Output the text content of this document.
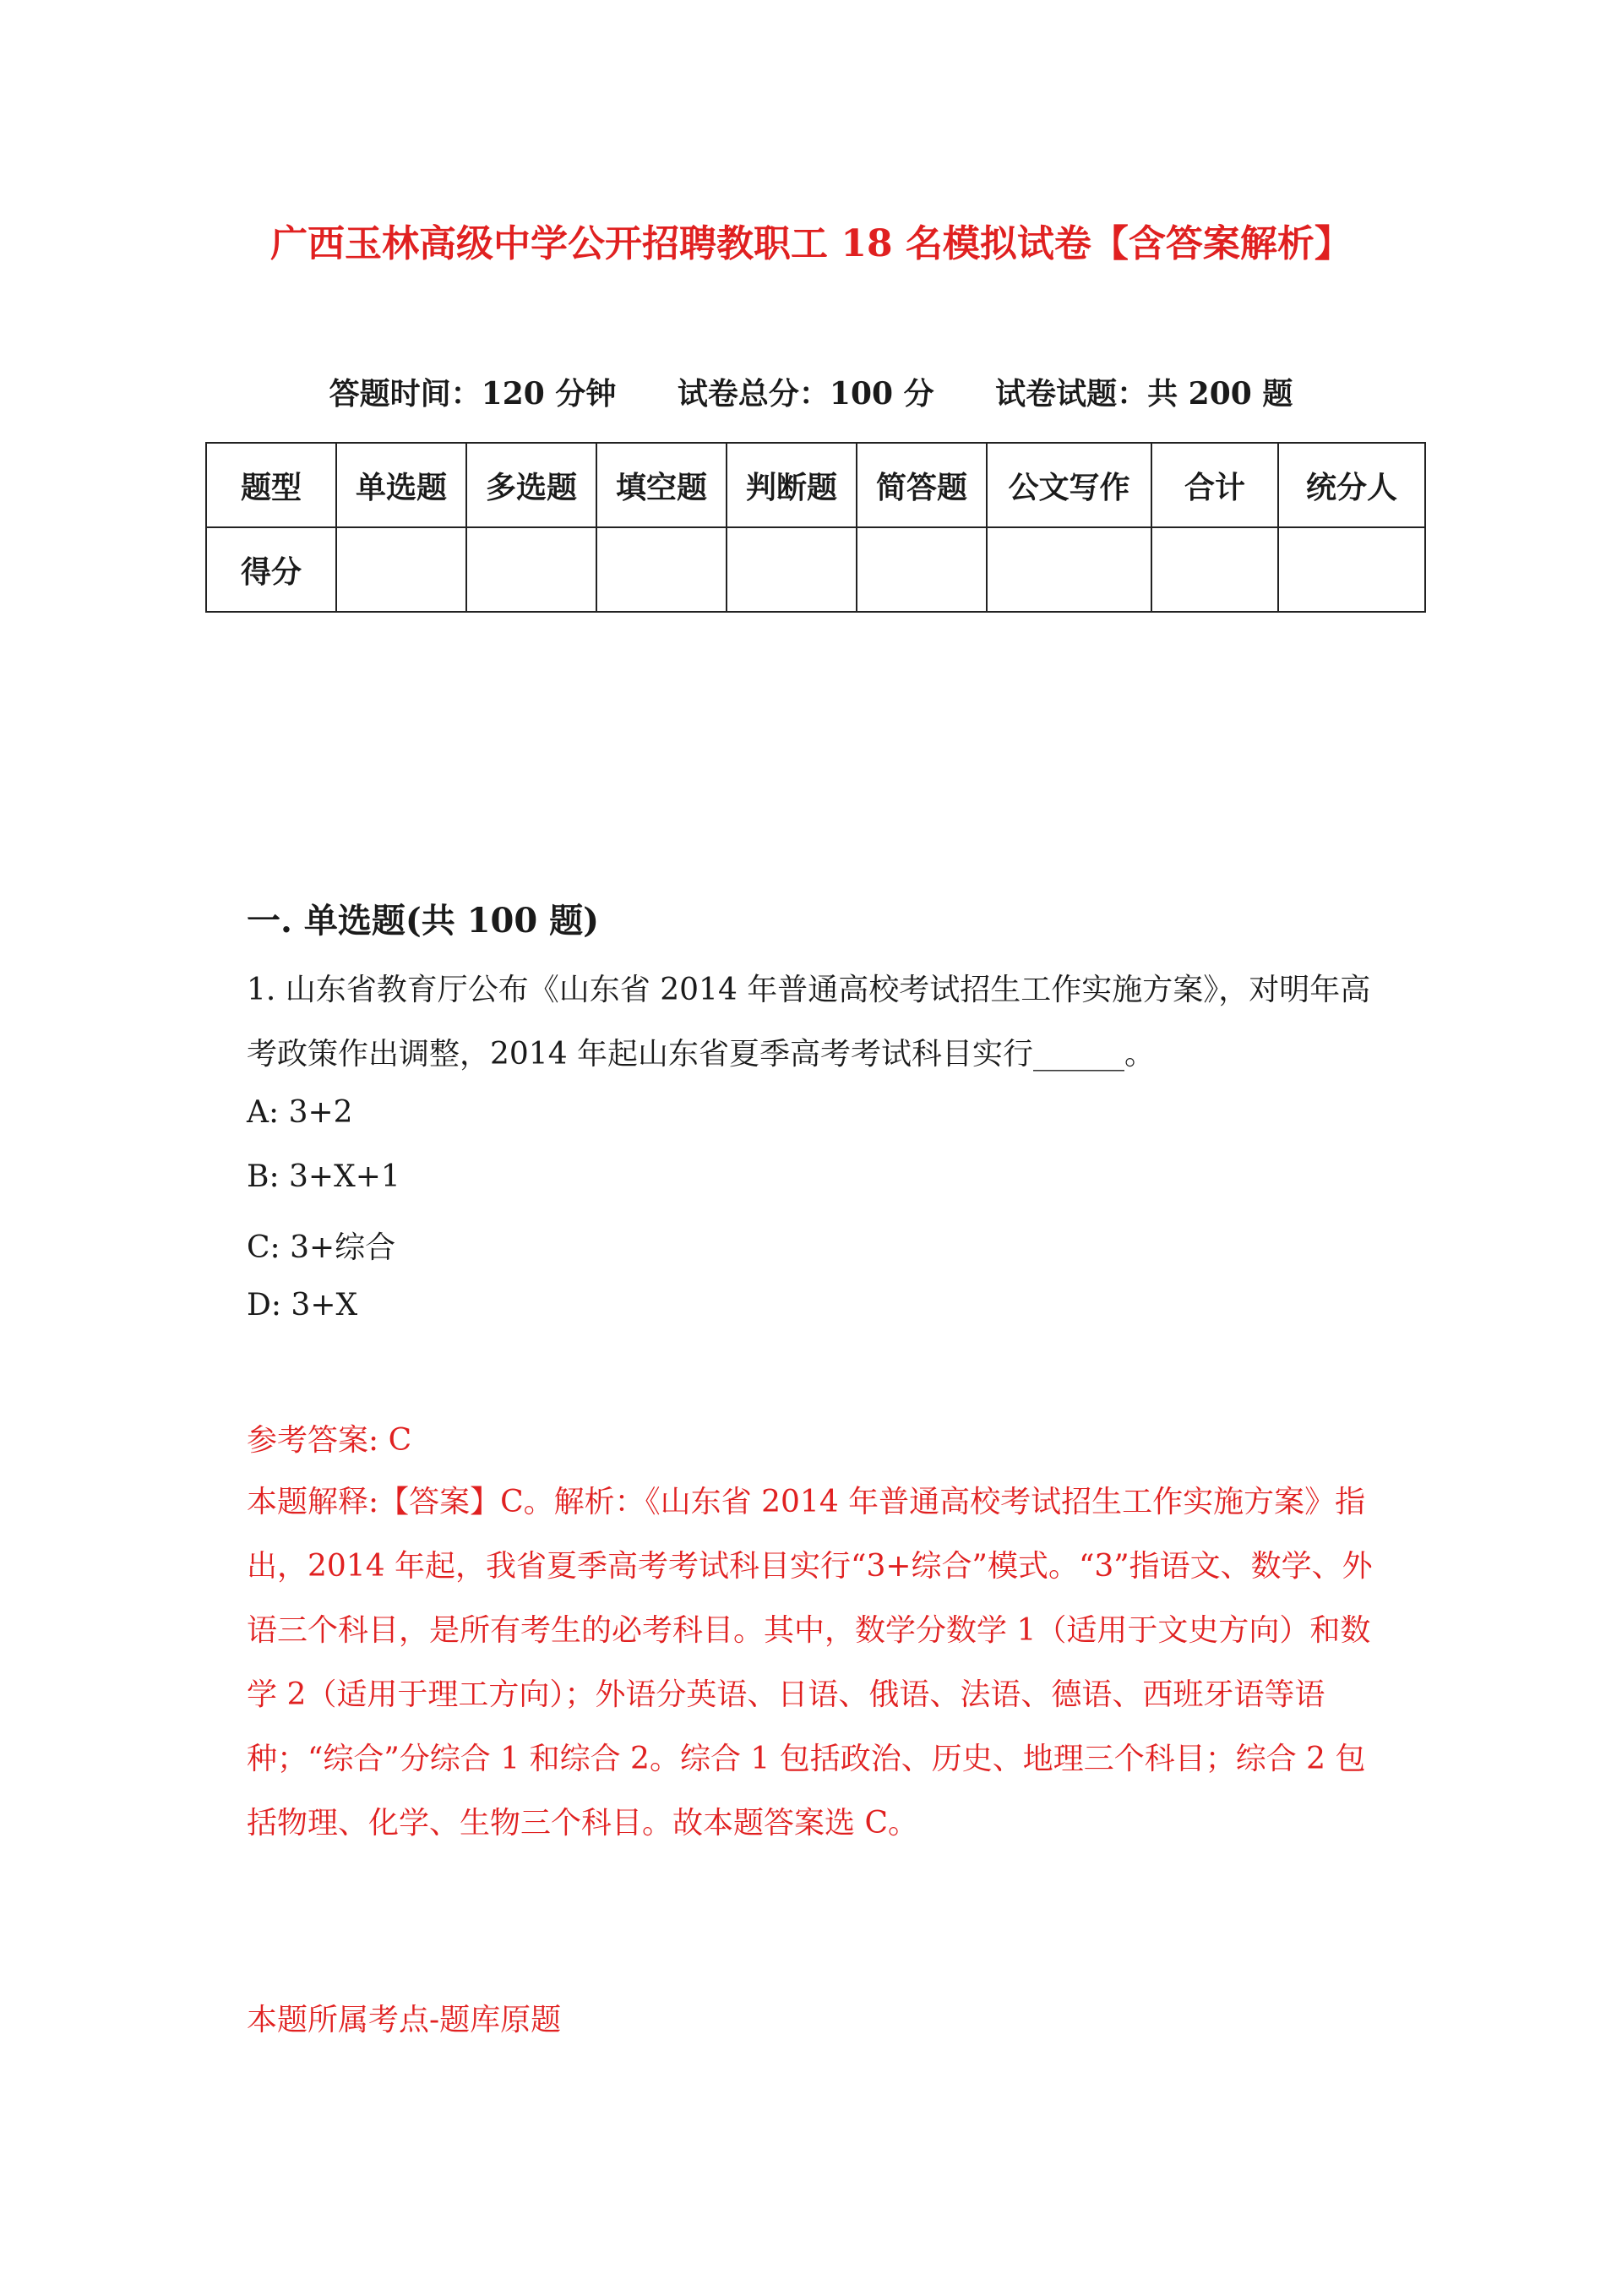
广西玉林高级中学公开招聘教职工 18 名模拟试卷【含答案解析】
答题时间：120 分钟 试卷总分：100 分 试卷试题：共 200 题
题型	单选题	多选题	填空题	判断题	简答题	公文写作	合计	统分人
得分								
一. 单选题(共 100 题)
1. 山东省教育厅公布《山东省 2014 年普通高校考试招生工作实施方案》，对明年高考政策作出调整，2014 年起山东省夏季高考考试科目实行______。
A: 3+2
B: 3+X+1
C: 3+综合
D: 3+X
参考答案: C
本题解释:【答案】C。解析：《山东省 2014 年普通高校考试招生工作实施方案》指出，2014 年起，我省夏季高考考试科目实行“3+综合”模式。“3”指语文、数学、外语三个科目，是所有考生的必考科目。其中，数学分数学 1（适用于文史方向）和数学 2（适用于理工方向）；外语分英语、日语、俄语、法语、德语、西班牙语等语种；“综合”分综合 1 和综合 2。综合 1 包括政治、历史、地理三个科目；综合 2 包括物理、化学、生物三个科目。故本题答案选 C。
本题所属考点-题库原题
